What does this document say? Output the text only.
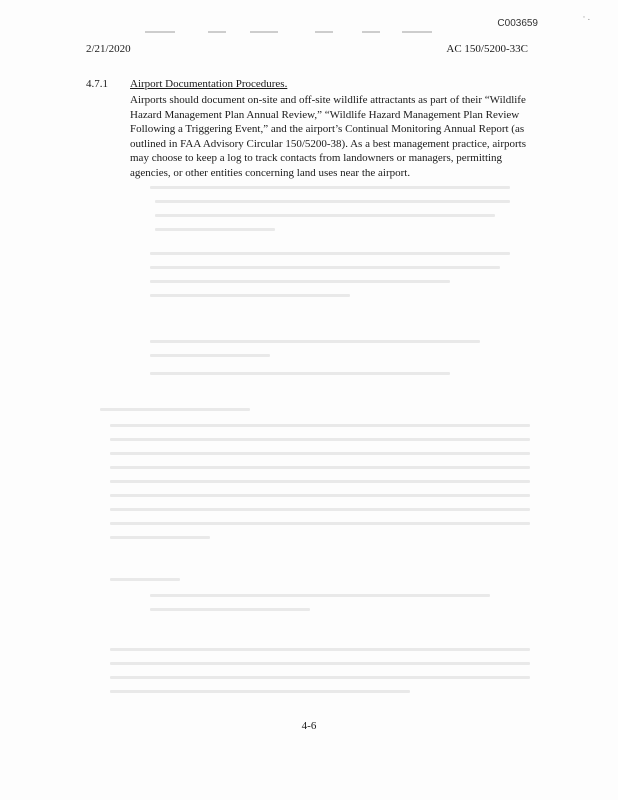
C003659
· .
2/21/2020	AC 150/5200-33C
4.7.1 Airport Documentation Procedures.
Airports should document on-site and off-site wildlife attractants as part of their “Wildlife Hazard Management Plan Annual Review,” “Wildlife Hazard Management Plan Review Following a Triggering Event,” and the airport’s Continual Monitoring Annual Report (as outlined in FAA Advisory Circular 150/5200-38). As a best management practice, airports may choose to keep a log to track contacts from landowners or managers, permitting agencies, or other entities concerning land uses near the airport.
4-6
